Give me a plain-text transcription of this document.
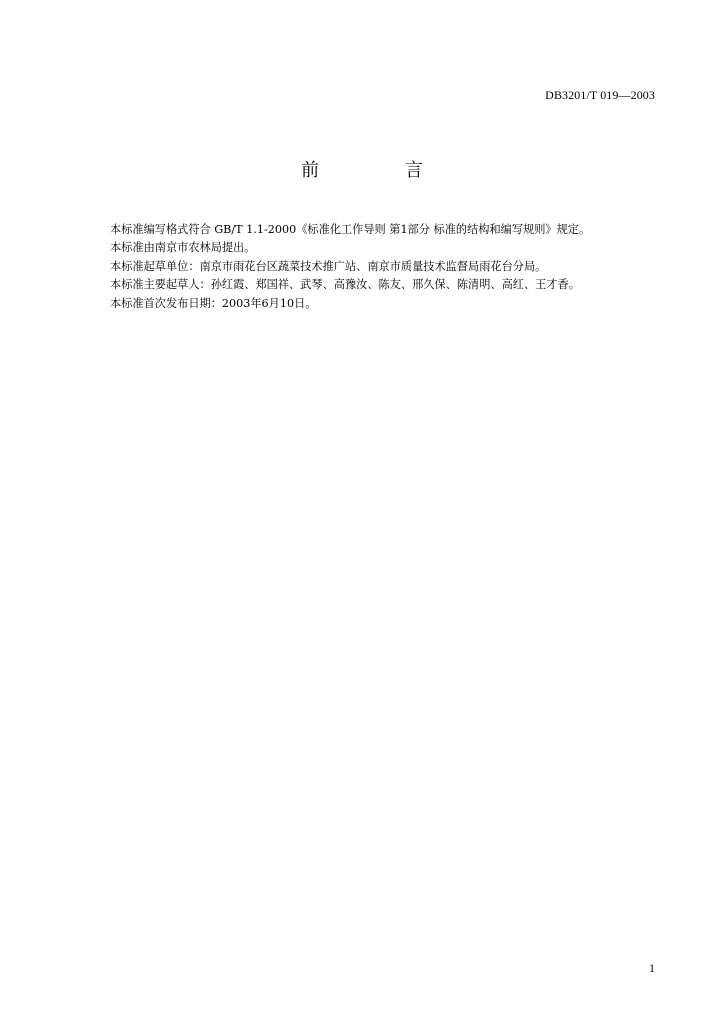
DB3201/T 019—2003
前 言

本标准编写格式符合 GB/T 1.1-2000《标准化工作导则 第1部分 标准的结构和编写规则》规定。

本标准由南京市农林局提出。

本标准起草单位：南京市雨花台区蔬菜技术推广站、南京市质量技术监督局雨花台分局。

本标准主要起草人：孙红霞、郑国祥、武琴、高豫汝、陈友、邢久保、陈清明、高红、王才香。

本标准首次发布日期：2003年6月10日。

1
